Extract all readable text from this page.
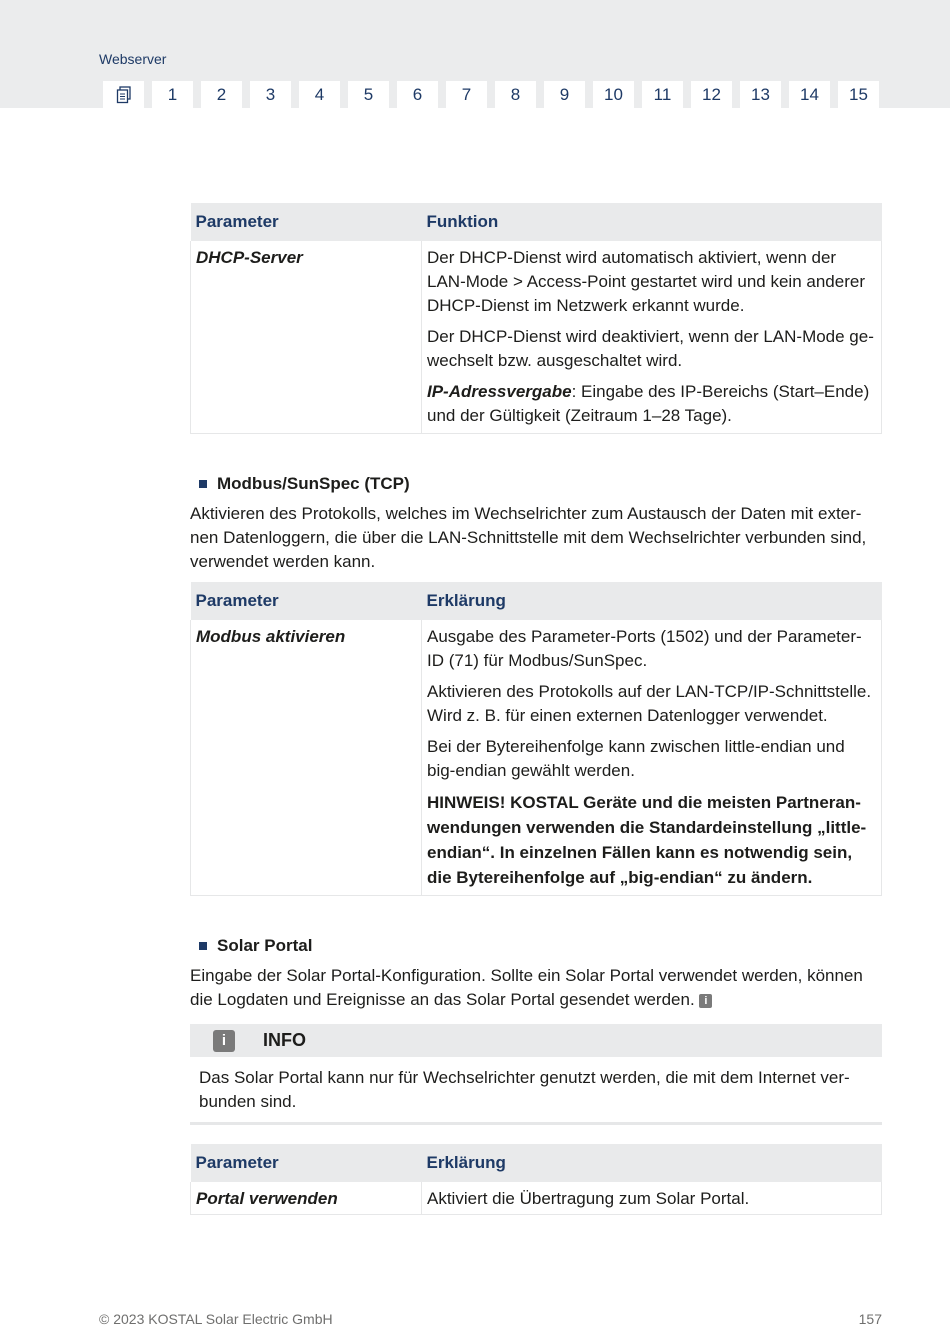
Webserver
1	2	3	4	5	6	7	8	9	10	11	12	13	14	15
Parameter	Funktion
DHCP-Server	Der DHCP-Dienst wird automatisch aktiviert, wenn der LAN-Mode > Access-Point gestartet wird und kein anderer DHCP-Dienst im Netzwerk erkannt wurde.

Der DHCP-Dienst wird deaktiviert, wenn der LAN-Mode gewechselt bzw. ausgeschaltet wird.

IP-Adressvergabe: Eingabe des IP-Bereichs (Start–Ende) und der Gültigkeit (Zeitraum 1–28 Tage).

Modbus/SunSpec (TCP)

Aktivieren des Protokolls, welches im Wechselrichter zum Austausch der Daten mit externen Datenloggern, die über die LAN-Schnittstelle mit dem Wechselrichter verbunden sind, verwendet werden kann.

Parameter	Erklärung
Modbus aktivieren	Ausgabe des Parameter-Ports (1502) und der Parameter-ID (71) für Modbus/SunSpec.

Aktivieren des Protokolls auf der LAN-TCP/IP-Schnittstelle. Wird z. B. für einen externen Datenlogger verwendet.

Bei der Bytereihenfolge kann zwischen little-endian und big-endian gewählt werden.

HINWEIS! KOSTAL Geräte und die meisten Partneranwendungen verwenden die Standardeinstellung „little-endian“. In einzelnen Fällen kann es notwendig sein, die Bytereihenfolge auf „big-endian“ zu ändern.

Solar Portal

Eingabe der Solar Portal-Konfiguration. Sollte ein Solar Portal verwendet werden, können die Logdaten und Ereignisse an das Solar Portal gesendet werden. i

i	INFO
Das Solar Portal kann nur für Wechselrichter genutzt werden, die mit dem Internet verbunden sind.
Parameter	Erklärung
Portal verwenden	Aktiviert die Übertragung zum Solar Portal.
© 2023 KOSTAL Solar Electric GmbH	157
